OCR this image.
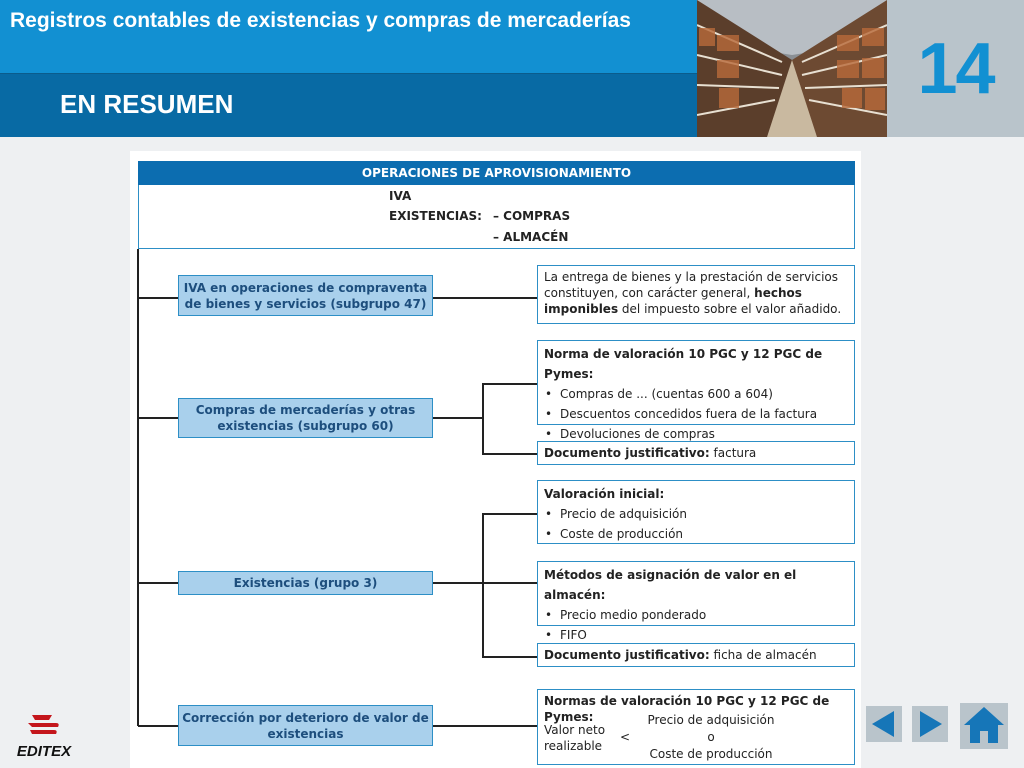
Registros contables de existencias y compras de mercaderías
EN RESUMEN	14
OPERACIONES DE APROVISIONAMIENTO
IVA
EXISTENCIAS: – COMPRAS
– ALMACÉN
IVA en operaciones de compraventa de bienes y servicios (subgrupo 47)
Compras de mercaderías y otras existencias (subgrupo 60)
Existencias (grupo 3)
Corrección por deterioro de valor de existencias
La entrega de bienes y la prestación de servicios constituyen, con carácter general, hechos imponibles del impuesto sobre el valor añadido.
Norma de valoración 10 PGC y 12 PGC de Pymes:
• Compras de ... (cuentas 600 a 604)
• Descuentos concedidos fuera de la factura
• Devoluciones de compras
Documento justificativo: factura
Valoración inicial:
• Precio de adquisición
• Coste de producción
Métodos de asignación de valor en el almacén:
• Precio medio ponderado
• FIFO
Documento justificativo: ficha de almacén
Normas de valoración 10 PGC y 12 PGC de Pymes:
Valor neto realizable
<
Precio de adquisición
o
Coste de producción
EDITEX
